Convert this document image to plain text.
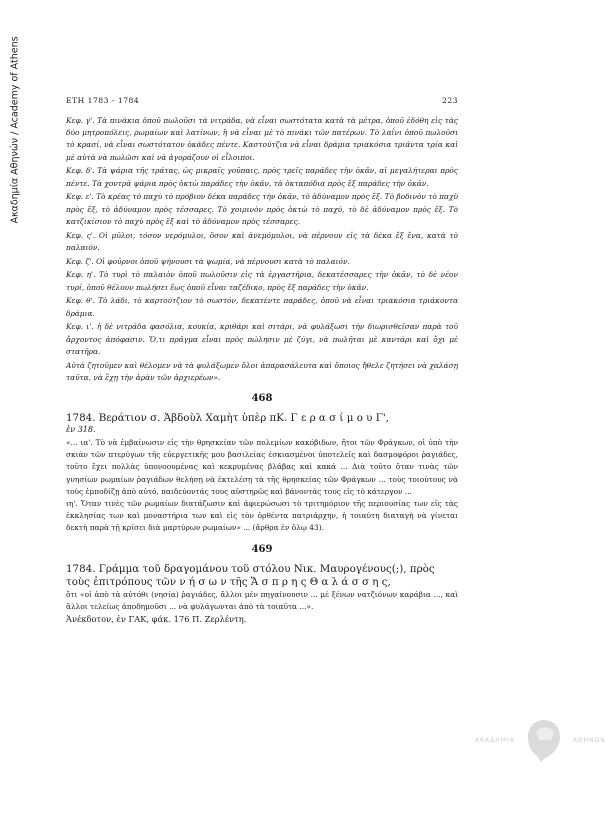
Ακαδημία Αθηνών / Academy of Athens	ΕΤΗ 1783 - 1784	223

Κεφ. γ'. Τὰ πινάκια ὁποῦ πωλοῦσι τὰ νιτράδα, νὰ εἶναι σωστότατα κατὰ τὰ μέτρα, ὁποῦ ἐδόθη εἰς τὰς δύο μητροπόλεις, ρωμαίων καὶ λατίνων, ἢ νὰ εἶναι μὲ τὸ πινάκι τῶν πατέρων. Τὸ λαΐνι ὁποῦ πωλοῦσι τὸ κρασί, νὰ εἶναι σωστότατον ὀκάδες πέντε. Καστούτζια νὰ εἶναι δράμια τριακόσια τριάντα τρία καὶ μὲ αὐτὰ νὰ πωλῶσι καὶ νὰ ἀγοράζουν οἱ εἶλοιποι.

Κεφ. δ'. Τὰ ψάρια τῆς τράτας, ὡς μικραῖς γοῦπαις, πρὸς τρεῖς παράδες τὴν ὀκᾶν, αἱ μεγαλήτεραι πρὸς πέντε. Τὰ χοντρὰ ψάρια πρὸς ὀκτὼ παράδες τὴν ὀκᾶν, τὰ ὀκταπόδια πρὸς ἕξ παράδες τὴν ὀκᾶν.

Κεφ. ε'. Τὸ κρέας τὸ παχὺ τὸ πρόβιον δέκα παράδες τὴν ὀκᾶν, τὸ ἀδύναμον πρὸς ἕξ. Τὸ βοδινὸν τὸ παχὺ πρὸς ἕξ, τὸ ἀδύναμον πρὸς τέσσαρες. Τὸ χοιρινὸν πρὸς ὀκτὼ τὸ παχύ, τὸ δὲ ἀδύναμον πρὸς ἕξ. Τὸ κατζικίσιον τὸ παχὺ πρὸς ἕξ καὶ τὸ ἀδύναμον πρὸς τέσσαρες.

Κεφ. ς'. Οἱ μῦλοι, τόσον νερόμυλοι, ὅσον καὶ ἀνεμόμυλοι, νὰ πέρνουν εἰς τὰ δέκα ἕξ ἕνα, κατὰ τὸ παλαιόν.

Κεφ. ζ'. Οἱ φοῦρνοι ὁποῦ ψήνουσι τὰ ψωμία, νὰ πέρνουσι κατὰ τὸ παλαιόν.

Κεφ. η'. Τὸ τυρὶ τὸ παλαιὸν ὁποῦ πωλοῦσιν εἰς τὰ ἐργαστήρια, δεκατέσσαρες τὴν ὀκᾶν, τὸ δὲ νέον τυρί, ὁποῦ θέλουν πωλήσει ἕως ὁποῦ εἶναι ταζέδικο, πρὸς ἕξ παράδες τὴν ὀκᾶν.

Κεφ. θ'. Τὸ λάδι, τὸ καρτούτζιον τὸ σωστόν, δεκατέντε παράδες, ὁποῦ νὰ εἶναι τριακόσια τριάκοντα δράμια.

Κεφ. ι'. ἡ δὲ νιτράδα φασόλια, κουκία, κριθάρι καὶ σιτάρι, νὰ φυλάξωσι τὴν διωρισθεῖσαν παρὰ τοῦ ἄρχοντος ἀπόφασιν. Ὅ,τι πρᾶγμα εἶναι πρὸς πώλησιν μὲ ζύγι, νὰ πωλῆται μὲ καντάρι καὶ ὄχι μὲ στατῆρα.

Αὐτὰ ζητοῦμεν καὶ θέλομεν νὰ τὰ φυλάξωμεν ὅλοι ἀπαρασάλευτα καὶ ὅποιος ἤθελε ζητήσει νὰ χαλάσῃ ταῦτα, νὰ ἔχῃ τὴν ἀρὰν τῶν ἀρχιερέων».

468

1784. Βεράτιον σ. Ἀβδοὺλ Χαμὴτ ὑπὲρ πΚ. Γ ε ρ α σ ί μ ο υ Γ',

ἐν 318.

«... ια'. Τὸ νὰ ἐμβαίνωσιν εἰς τὴν θρησκείαν τῶν πολεμίων κακόβιδων, ἤτοι τῶν Φράγκων, οἱ ὑπὸ τὴν σκιὰν τῶν πτερύγων τῆς εὐεργετικῆς μου βασιλείας ἐσκιασμένοι ὑποτελεῖς καὶ δασμοφόροι ῥαγιάδες, τοῦτο ἔχει πολλὰς ὑπονοουμένας καὶ κεκρυμένας βλάβας καὶ κακά ... Διὰ τοῦτο ὅταν τινὰς τῶν γνησίων ρωμαίων ῥαγιάδων θελήσῃ νὰ ἐκτελέσῃ τὰ τῆς θρησκείας τῶν Φράγκων ... τοὺς τοιούτους νὰ τοὺς ἐμποδίζῃ ἀπὸ αὐτό, παιδεύοντάς τους αὐστηρῶς καὶ βάνοντάς τους εἰς τὸ κάτεργον ...

ιη'. Ὅταν τινὲς τῶν ρωμαίων διατάζωσιν καὶ ἀφιερώσωσι τὸ τριτημόριον τῆς περιουσίας των εἰς τὰς ἐκκλησίας των καὶ μοναστήρια των καὶ εἰς τὸν ὀρθέντα πατριάρχην, ἡ τοιαύτη διαταγὴ νὰ γίνεται δεκτὴ παρὰ τῇ κρίσει διὰ μαρτύρων ρωμαίων» ... (ἄρθρα ἐν ὅλῳ 43).

469

1784. Γράμμα τοῦ δραγομάνου τοῦ στόλου Νικ. Μαυρογένους(;), πρὸς τοὺς ἐπιτρόπους τῶν ν ή σ ω ν τῆς Ἄ σ π ρ η ς Θ α λ ά σ σ η ς,

ὅτι «οἱ ἀπὸ τὰ αὐτόθι (νησία) ῥαγιάδες, ἄλλοι μὲν πηγαίνουσιν ... μὲ ξένων νατζιόνων καράβια ..., καὶ ἄλλοι τελείως ἀποδημοῦσι ... νὰ φυλάγωνται ἀπὸ τὰ τοιαῦτα ...».

Ἀνέκδοτον, ἐν ΓΑΚ, φάκ. 176 Π. Ζερλέντη.

ΑΚΑΔΗΜΙΑ	ΑΘΗΝΩΝ
